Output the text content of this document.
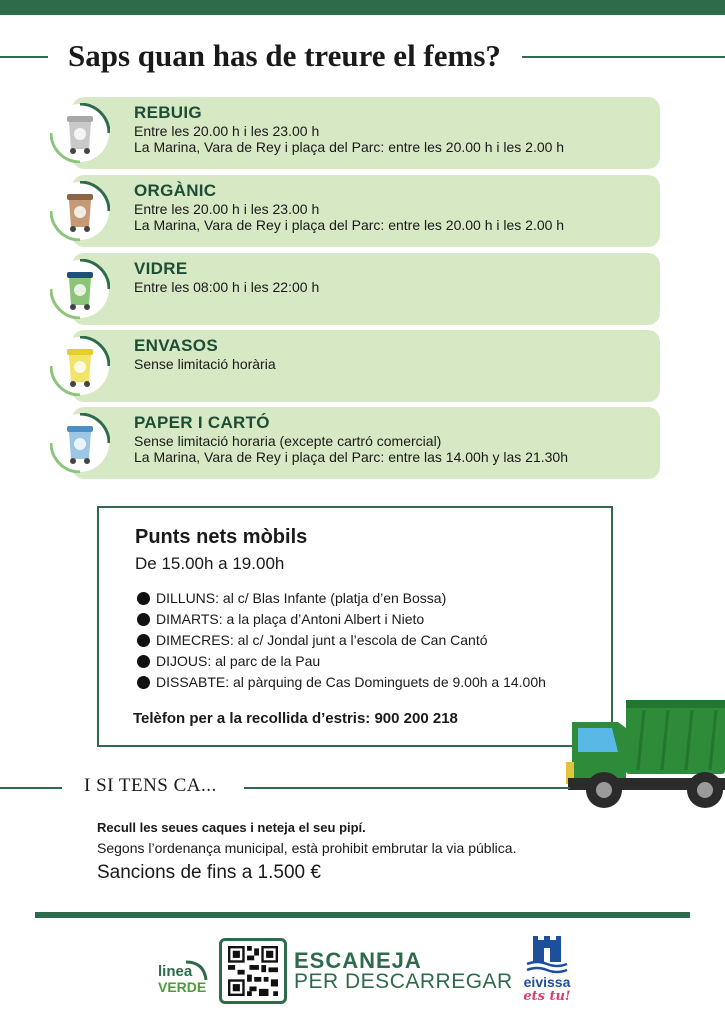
Saps quan has de treure el fems?
REBUIG
Entre les 20.00 h i les 23.00 h
La Marina, Vara de Rey i plaça del Parc: entre les 20.00 h i les 2.00 h
ORGÀNIC
Entre les 20.00 h i les 23.00 h
La Marina, Vara de Rey i plaça del Parc: entre les 20.00 h i les 2.00 h
VIDRE
Entre les 08:00 h i les 22:00 h
ENVASOS
Sense limitació horària
PAPER I CARTÓ
Sense limitació horaria (excepte cartró comercial)
La Marina, Vara de Rey i plaça del Parc: entre las 14.00h y las 21.30h
Punts nets mòbils
De 15.00h a 19.00h
DILLUNS: al c/ Blas Infante (platja d’en Bossa)
DIMARTS: a la plaça d’Antoni Albert i Nieto
DIMECRES: al c/ Jondal junt a l’escola de Can Cantó
DIJOUS: al parc de la Pau
DISSABTE: al pàrquing de Cas Dominguets de 9.00h a 14.00h
Telèfon per a la recollida d’estris: 900 200 218
I SI TENS CA...
Recull les seues caques i neteja el seu pipí.
Segons l’ordenança municipal, està prohibit embrutar la via pública.
Sancions de fins a 1.500 €
linea
VERDE
ESCANEJA
PER DESCARREGAR eivissa
ets tu!
